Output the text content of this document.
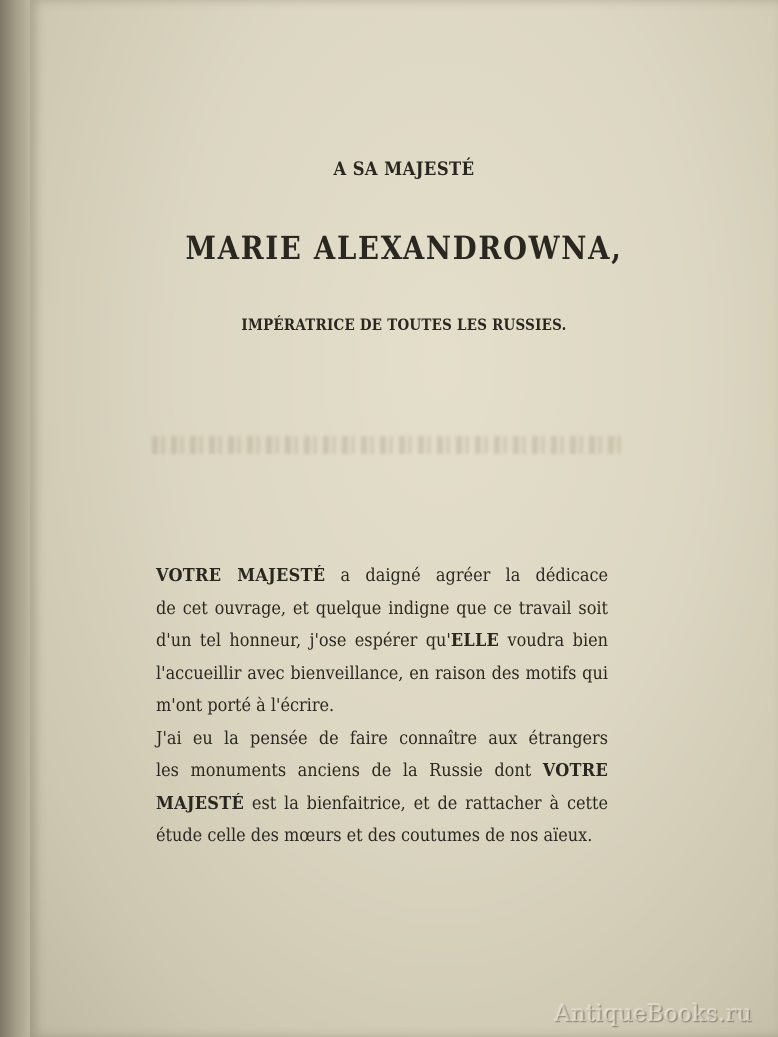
A SA MAJESTÉ
MARIE ALEXANDROWNA,
IMPÉRATRICE DE TOUTES LES RUSSIES.

VOTRE MAJESTÉ a daigné agréer la dédicace
de cet ouvrage, et quelque indigne que ce travail soit
d'un tel honneur, j'ose espérer qu'ELLE voudra bien
l'accueillir avec bienveillance, en raison des motifs qui
m'ont porté à l'écrire.

J'ai eu la pensée de faire connaître aux étrangers
les monuments anciens de la Russie dont VOTRE
MAJESTÉ est la bienfaitrice, et de rattacher à cette
étude celle des mœurs et des coutumes de nos aïeux.

AntiqueBooks.ru
